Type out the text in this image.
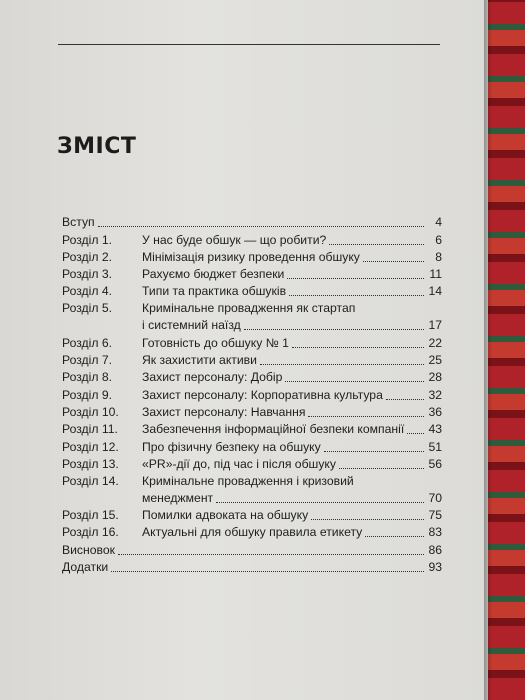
ЗМІСТ
Вступ	4
Розділ 1.	У нас буде обшук — що робити?	6
Розділ 2.	Мінімізація ризику проведення обшуку	8
Розділ 3.	Рахуємо бюджет безпеки	11
Розділ 4.	Типи та практика обшуків	14
Розділ 5.	Кримінальне провадження як стартап
і системний наїзд	17
Розділ 6.	Готовність до обшуку № 1	22
Розділ 7.	Як захистити активи	25
Розділ 8.	Захист персоналу: Добір	28
Розділ 9.	Захист персоналу: Корпоративна культура	32
Розділ 10.	Захист персоналу: Навчання	36
Розділ 11.	Забезпечення інформаційної безпеки компанії 43
Розділ 12.	Про фізичну безпеку на обшуку	51
Розділ 13.	«PR»-дії до, під час і після обшуку	56
Розділ 14.	Кримінальне провадження і кризовий
менеджмент	70
Розділ 15.	Помилки адвоката на обшуку	75
Розділ 16.	Актуальні для обшуку правила етикету	83
Висновок	86
Додатки	93
